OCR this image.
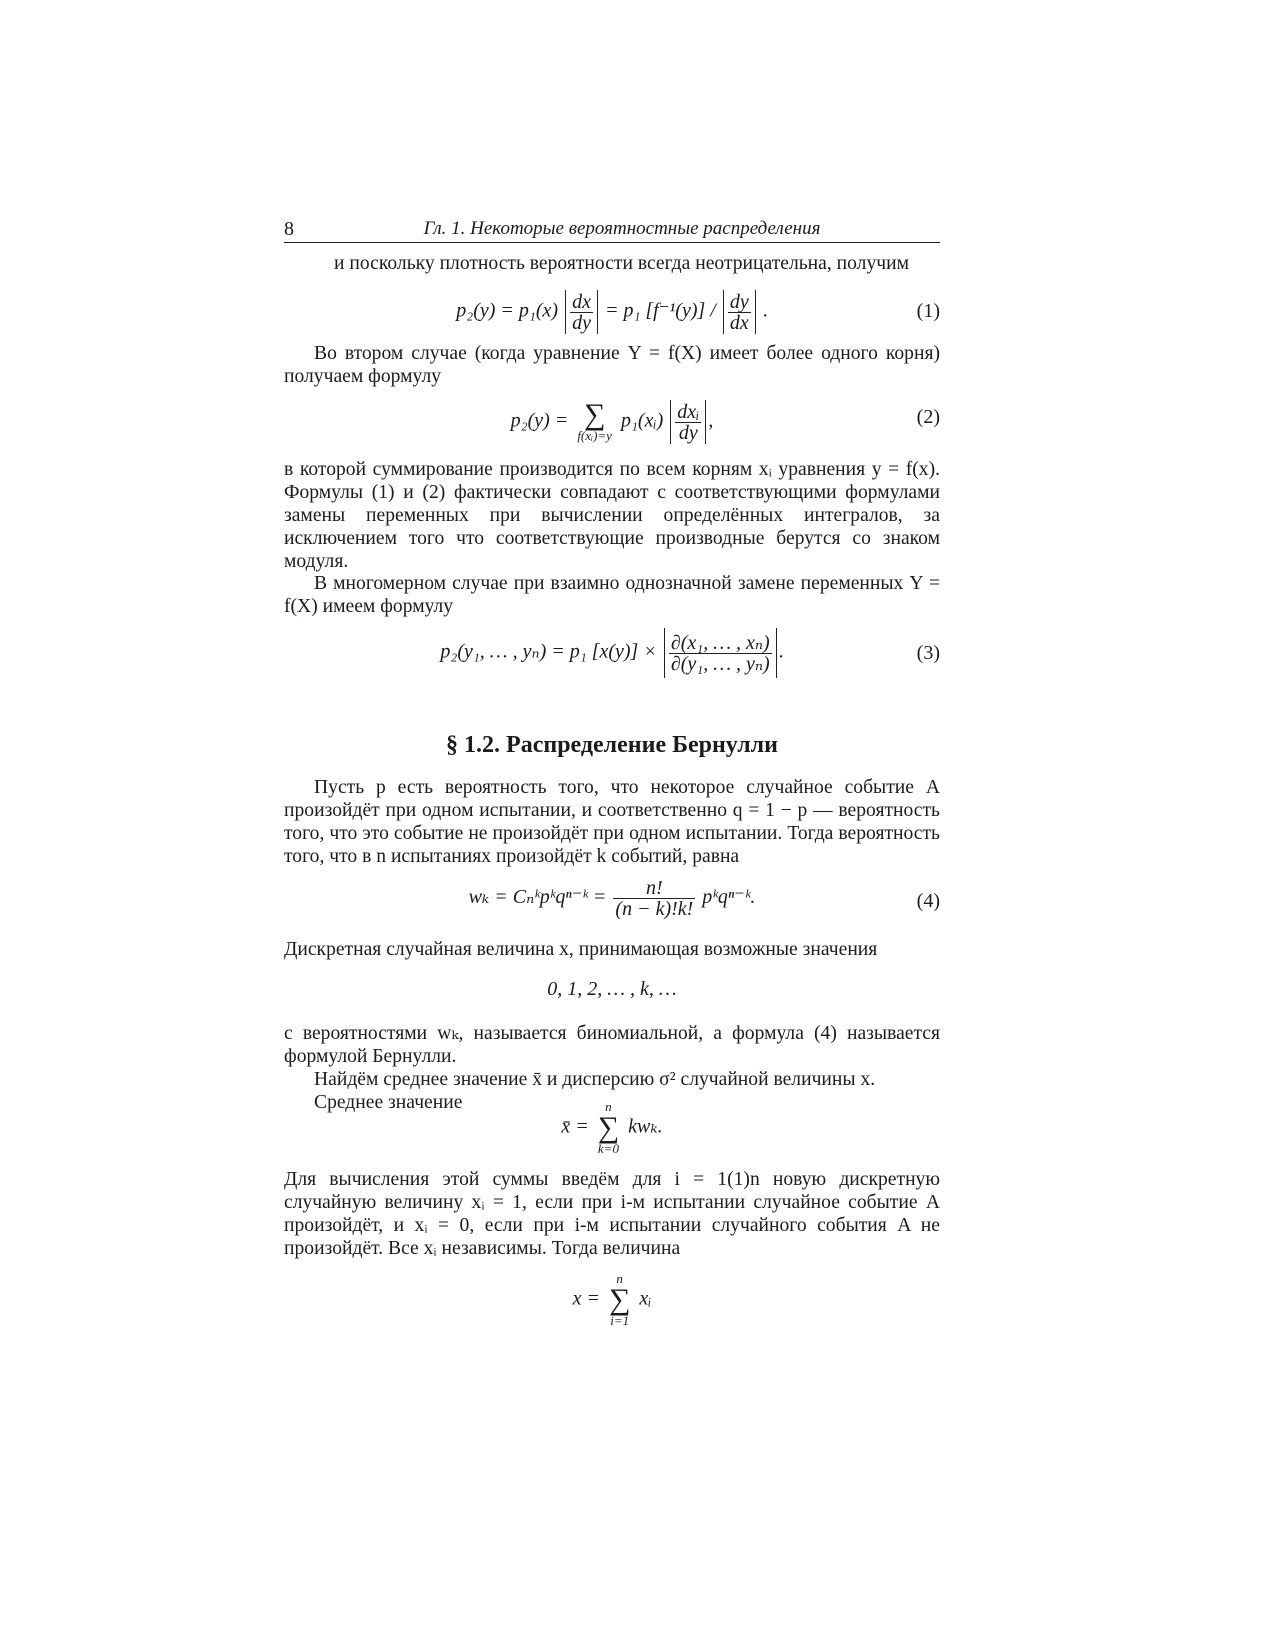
8	Гл. 1. Некоторые вероятностные распределения

и поскольку плотность вероятности всегда неотрицательна, получим

$p_2(y) = p_1(x) \frac{dx}{dy} = p_1$ $[f^{-1}(y)] / \frac{dy}{dx}$ .	(1)

Во втором случае (когда уравнение Y = f(X) имеет более одного корня) получаем формулу

p₂(y) = ∑
f(xᵢ)=y
p₁(xᵢ) $\frac{\text{dxᵢ}}{dy}$ ,	(2)

в которой суммирование производится по всем корням xᵢ уравнения y = f(x). Формулы (1) и (2) фактически совпадают с соответствующими формулами замены переменных при вычислении определённых интегралов, за исключением того что соответствующие производные берутся со знаком модуля.

В многомерном случае при взаимно однозначной замене переменных Y = f(X) имеем формулу

p₂(y₁, … , yₙ) = p₁ $[x(y)] \times \frac{\text{∂(x₁, … , xₙ)}}{\text{∂(y₁, … , yₙ)}}$ .	(3)
§ 1.2. Распределение Бернулли

Пусть p есть вероятность того, что некоторое случайное событие A произойдёт при одном испытании, и соответственно q = 1 − p — вероятность того, что это событие не произойдёт при одном испытании. Тогда вероятность того, что в n испытаниях произойдёт k событий, равна

wₖ = Cₙᵏpᵏqⁿ⁻ᵏ = $\frac{n!}{(n - k)!k!}$ pᵏqⁿ⁻ᵏ.	(4)

Дискретная случайная величина x, принимающая возможные значения

0, 1, 2, … , k, …

с вероятностями wₖ, называется биномиальной, а формула (4) называется формулой Бернулли.

Найдём среднее значение x̄ и дисперсию σ² случайной величины x.

Среднее значение

x̄ =
n
∑
k=0
kwₖ.

Для вычисления этой суммы введём для i = 1(1)n новую дискретную случайную величину xᵢ = 1, если при i-м испытании случайное событие A произойдёт, и xᵢ = 0, если при i-м испытании случайного события A не произойдёт. Все xᵢ независимы. Тогда величина

x =
n
∑
i=1
xᵢ
